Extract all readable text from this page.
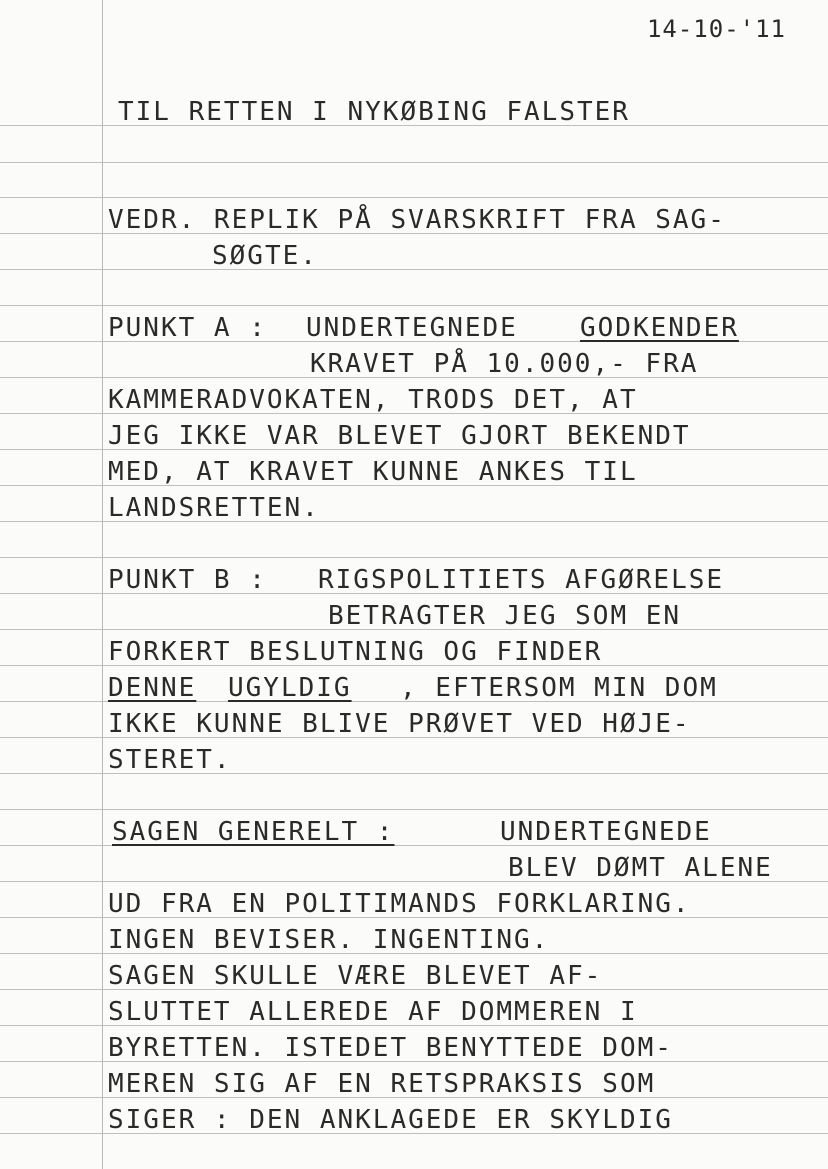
14-10-'11
TIL RETTEN I NYKØBING FALSTER
VEDR. REPLIK PÅ SVARSKRIFT FRA SAG-
SØGTE.
PUNKT A : UNDERTEGNEDE GODKENDER
KRAVET PÅ 10.000,- FRA
KAMMERADVOKATEN, TRODS DET, AT
JEG IKKE VAR BLEVET GJORT BEKENDT
MED, AT KRAVET KUNNE ANKES TIL
LANDSRETTEN.
PUNKT B : RIGSPOLITIETS AFGØRELSE
BETRAGTER JEG SOM EN
FORKERT BESLUTNING OG FINDER
DENNE UGYLDIG , EFTERSOM MIN DOM
IKKE KUNNE BLIVE PRØVET VED HØJE-
STERET.
SAGEN GENERELT :	UNDERTEGNEDE
BLEV DØMT ALENE
UD FRA EN POLITIMANDS FORKLARING.
INGEN BEVISER. INGENTING.
SAGEN SKULLE VÆRE BLEVET AF-
SLUTTET ALLEREDE AF DOMMEREN I
BYRETTEN. ISTEDET BENYTTEDE DOM-
MEREN SIG AF EN RETSPRAKSIS SOM
SIGER : DEN ANKLAGEDE ER SKYLDIG
